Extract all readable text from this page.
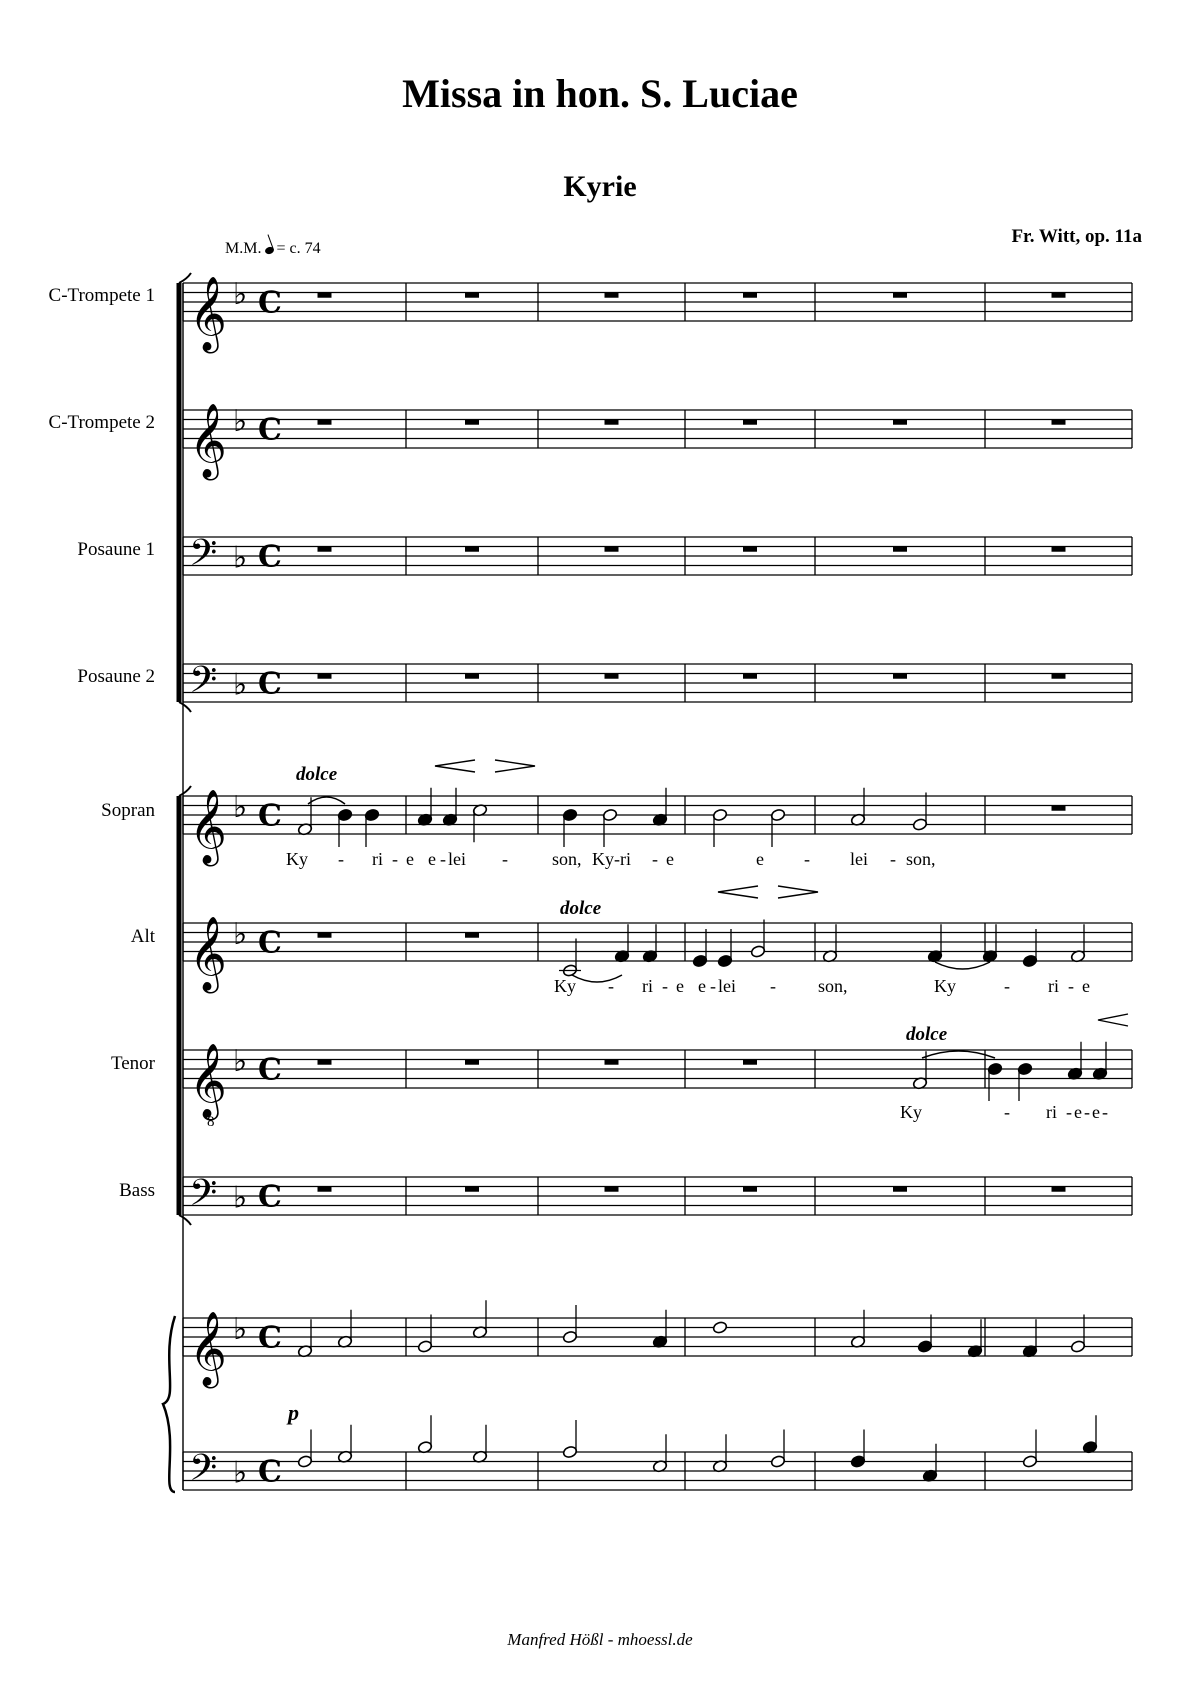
Missa in hon. S. Luciae
Kyrie
Fr. Witt, op. 11a
M.M. = c. 74
C-Trompete 1
C-Trompete 2
Posaune 1
Posaune 2
Sopran
Alt
Tenor
Bass
𝄞 ♭ C
𝄞 ♭ C
𝄢 ♭ C
𝄢 ♭ C
𝄞 ♭ C
𝄞 ♭ C
𝄞
8
♭ C
𝄢 ♭ C
𝄞 ♭ C
𝄢 ♭ C
Ky - ri - e e - lei - son, Ky - ri - e	e - lei - son,
Ky - ri - e e - lei - son,	Ky	- ri - e
Ky	- ri - e - e -
dolce
dolce
dolce
p
Manfred Hößl - mhoessl.de
